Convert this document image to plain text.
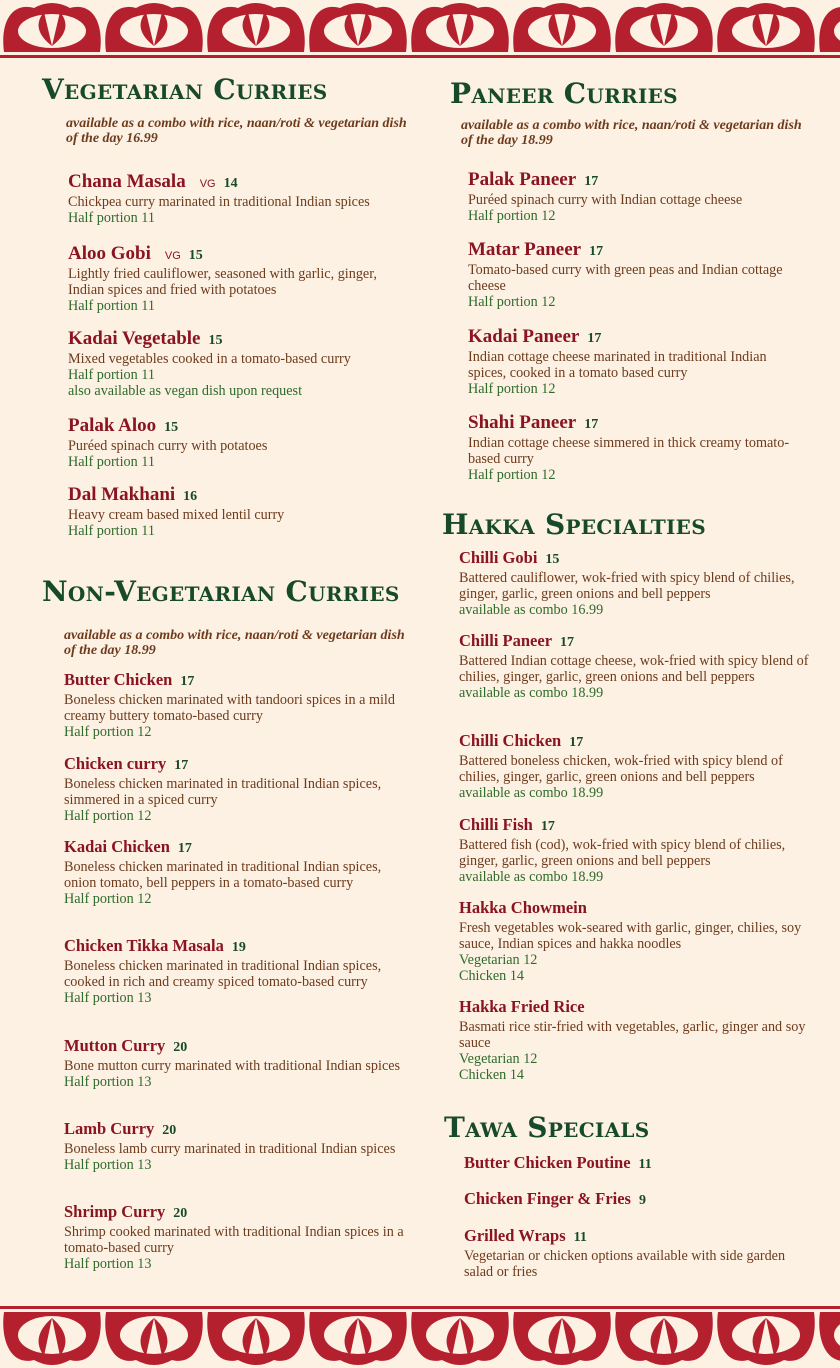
Vegetarian Curries

available as a combo with rice, naan/roti & vegetarian dish of the day 16.99

Chana Masala VG 14

Chickpea curry marinated in traditional Indian spices

Half portion 11

Aloo Gobi VG 15

Lightly fried cauliflower, seasoned with garlic, ginger, Indian spices and fried with potatoes

Half portion 11

Kadai Vegetable 15

Mixed vegetables cooked in a tomato-based curry

Half portion 11

also available as vegan dish upon request

Palak Aloo 15

Puréed spinach curry with potatoes

Half portion 11

Dal Makhani 16

Heavy cream based mixed lentil curry

Half portion 11

Non-Vegetarian Curries

available as a combo with rice, naan/roti & vegetarian dish of the day 18.99

Butter Chicken 17

Boneless chicken marinated with tandoori spices in a mild creamy buttery tomato-based curry

Half portion 12

Chicken curry 17

Boneless chicken marinated in traditional Indian spices, simmered in a spiced curry

Half portion 12

Kadai Chicken 17

Boneless chicken marinated in traditional Indian spices, onion tomato, bell peppers in a tomato-based curry

Half portion 12

Chicken Tikka Masala 19

Boneless chicken marinated in traditional Indian spices, cooked in rich and creamy spiced tomato-based curry

Half portion 13

Mutton Curry 20

Bone mutton curry marinated with traditional Indian spices

Half portion 13

Lamb Curry 20

Boneless lamb curry marinated in traditional Indian spices

Half portion 13

Shrimp Curry 20

Shrimp cooked marinated with traditional Indian spices in a tomato-based curry

Half portion 13

Paneer Curries

available as a combo with rice, naan/roti & vegetarian dish of the day 18.99

Palak Paneer 17

Puréed spinach curry with Indian cottage cheese

Half portion 12

Matar Paneer 17

Tomato-based curry with green peas and Indian cottage cheese

Half portion 12

Kadai Paneer 17

Indian cottage cheese marinated in traditional Indian spices, cooked in a tomato based curry

Half portion 12

Shahi Paneer 17

Indian cottage cheese simmered in thick creamy tomato-based curry

Half portion 12

Hakka Specialties
Chilli Gobi 15

Battered cauliflower, wok-fried with spicy blend of chilies, ginger, garlic, green onions and bell peppers

available as combo 16.99

Chilli Paneer 17

Battered Indian cottage cheese, wok-fried with spicy blend of chilies, ginger, garlic, green onions and bell peppers

available as combo 18.99

Chilli Chicken 17

Battered boneless chicken, wok-fried with spicy blend of chilies, ginger, garlic, green onions and bell peppers

available as combo 18.99

Chilli Fish 17

Battered fish (cod), wok-fried with spicy blend of chilies, ginger, garlic, green onions and bell peppers

available as combo 18.99

Hakka Chowmein

Fresh vegetables wok-seared with garlic, ginger, chilies, soy sauce, Indian spices and hakka noodles

Vegetarian 12

Chicken 14

Hakka Fried Rice

Basmati rice stir-fried with vegetables, garlic, ginger and soy sauce

Vegetarian 12

Chicken 14

Tawa Specials
Butter Chicken Poutine 11
Chicken Finger & Fries 9
Grilled Wraps 11

Vegetarian or chicken options available with side garden salad or fries
